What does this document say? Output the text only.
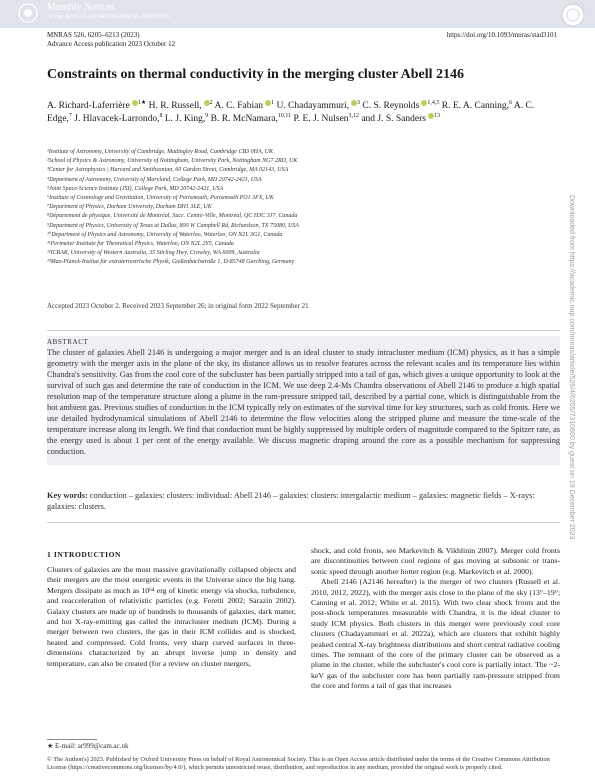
Monthly Notices
of the ROYAL ASTRONOMICAL SOCIETY
MNRAS 526, 6205–6213 (2023)
Advance Access publication 2023 October 12
https://doi.org/10.1093/mnras/stad3101
Constraints on thermal conductivity in the merging cluster Abell 2146
A. Richard-Laferrière $^{1★}$ H. R. Russell, $^2$ A. C. Fabian $^1$ U. Chadayammuri, $^3$ C. S. Reynolds $^{1,4,5}$ R. E. A. Canning,$^6$ A. C. Edge,$^7$ J. Hlavacek-Larrondo,$^8$ L. J. King,$^9$ B. R. McNamara,$^{10,11}$ P. E. J. Nulsen$^{3,12}$ and J. S. Sanders $^{13}$
¹Institute of Astronomy, University of Cambridge, Madingley Road, Cambridge CB3 0HA, UK
²School of Physics & Astronomy, University of Nottingham, University Park, Nottingham NG7 2RD, UK
³Center for Astrophysics | Harvard and Smithsonian, 60 Garden Street, Cambridge, MA 02143, USA
⁴Department of Astronomy, University of Maryland, College Park, MD 20742-2421, USA
⁵Joint Space-Science Institute (JSI), College Park, MD 20742-2421, USA
⁶Institute of Cosmology and Gravitation, University of Portsmouth, Portsmouth PO1 3FX, UK
⁷Department of Physics, Durham University, Durham DH1 3LE, UK
⁸Département de physique, Université de Montréal, Succ. Centre-Ville, Montréal, QC H3C 3J7, Canada
⁹Department of Physics, University of Texas at Dallas, 800 W Campbell Rd, Richardson, TX 75080, USA
¹⁰Department of Physics and Astronomy, University of Waterloo, Waterloo, ON N2L 3G1, Canada
¹¹Perimeter Institute for Theoretical Physics, Waterloo, ON N2L 2Y5, Canada
¹²ICRAR, University of Western Australia, 35 Stirling Hwy, Crawley, WA 6009, Australia
¹³Max-Planck-Institut für extraterrestrische Physik, Gießenbachstraße 1, D-85748 Garching, Germany
Accepted 2023 October 2. Received 2023 September 26; in original form 2022 September 21
ABSTRACT
The cluster of galaxies Abell 2146 is undergoing a major merger and is an ideal cluster to study intracluster medium (ICM) physics, as it has a simple geometry with the merger axis in the plane of the sky, its distance allows us to resolve features across the relevant scales and its temperature lies within Chandra's sensitivity. Gas from the cool core of the subcluster has been partially stripped into a tail of gas, which gives a unique opportunity to look at the survival of such gas and determine the rate of conduction in the ICM. We use deep 2.4-Ms Chandra observations of Abell 2146 to produce a high spatial resolution map of the temperature structure along a plume in the ram-pressure stripped tail, described by a partial cone, which is distinguishable from the hot ambient gas. Previous studies of conduction in the ICM typically rely on estimates of the survival time for key structures, such as cold fronts. Here we use detailed hydrodynamical simulations of Abell 2146 to determine the flow velocities along the stripped plume and measure the time-scale of the temperature increase along its length. We find that conduction must be highly suppressed by multiple orders of magnitude compared to the Spitzer rate, as the energy used is about 1 per cent of the energy available. We discuss magnetic draping around the core as a possible mechanism for suppressing conduction.
Key words: conduction – galaxies: clusters: individual: Abell 2146 – galaxies: clusters: intergalactic medium – galaxies: magnetic fields – X-rays: galaxies: clusters.
1 INTRODUCTION

Clusters of galaxies are the most massive gravitationally collapsed objects and their mergers are the most energetic events in the Universe since the big bang. Mergers dissipate as much as 10⁶⁴ erg of kinetic energy via shocks, turbulence, and reacceleration of relativistic particles (e.g. Feretti 2002; Sarazin 2002). Galaxy clusters are made up of hundreds to thousands of galaxies, dark matter, and hot X-ray-emitting gas called the intracluster medium (ICM). During a merger between two clusters, the gas in their ICM collides and is shocked, heated and compressed. Cold fronts, very sharp curved surfaces in three-dimensions characterized by an abrupt inverse jump in density and temperature, can also be created (for a review on cluster mergers,

shock, and cold fronts, see Markevitch & Vikhlinin 2007). Merger cold fronts are discontinuities between cool regions of gas moving at subsonic or trans-sonic speed through another hotter region (e.g. Markevitch et al. 2000).

Abell 2146 (A2146 hereafter) is the merger of two clusters (Russell et al. 2010, 2012, 2022), with the merger axis close to the plane of the sky (13°–19°; Canning et al. 2012; White et al. 2015). With two clear shock fronts and the post-shock temperatures measurable with Chandra, it is the ideal cluster to study ICM physics. Both clusters in this merger were previously cool core clusters (Chadayammuri et al. 2022a), which are clusters that exhibit highly peaked central X-ray brightness distributions and short central radiative cooling times. The remnant of the core of the primary cluster can be observed as a plume in the cluster, while the subcluster's cool core is partially intact. The ~2-keV gas of the subcluster core has been partially ram-pressure stripped from the core and forms a tail of gas that increases

★ E-mail: ar999@cam.ac.uk
© The Author(s) 2023. Published by Oxford University Press on behalf of Royal Astronomical Society. This is an Open Access article distributed under the terms of the Creative Commons Attribution License (https://creativecommons.org/licenses/by/4.0/), which permits unrestricted reuse, distribution, and reproduction in any medium, provided the original work is properly cited.
Downloaded from https://academic.oup.com/mnras/article/526/4/6205/7310860 by guest on 19 December 2023
